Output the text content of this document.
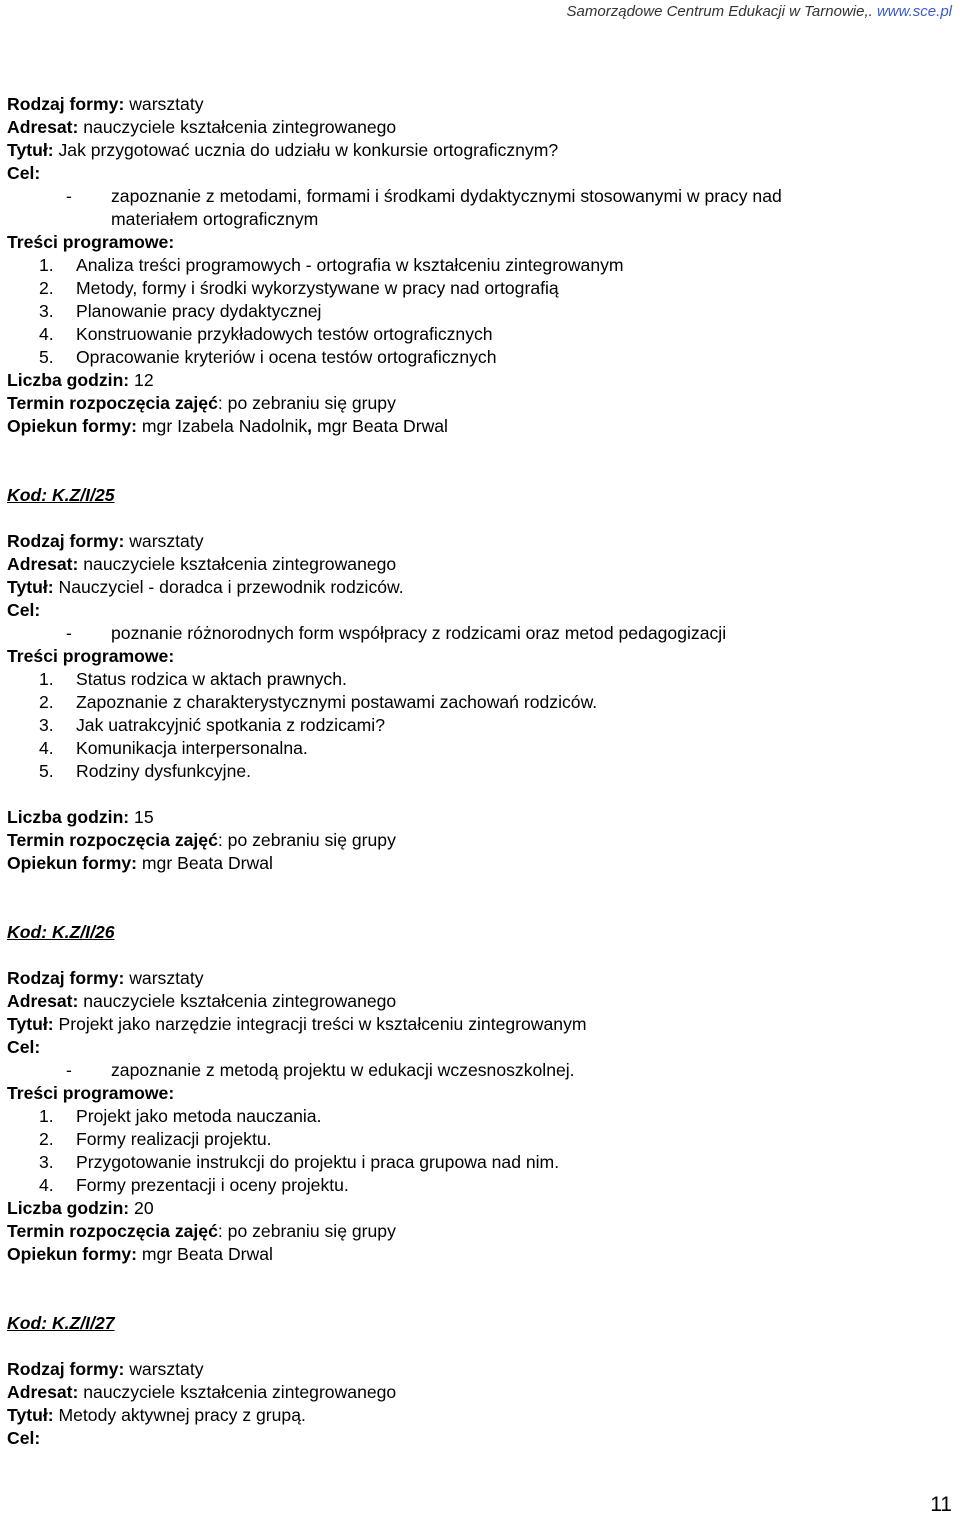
Samorządowe Centrum Edukacji w Tarnowie,. www.sce.pl
Rodzaj formy: warsztaty
Adresat: nauczyciele kształcenia zintegrowanego
Tytuł: Jak przygotować ucznia do udziału w konkursie ortograficznym?
Cel:
- zapoznanie z metodami, formami i środkami dydaktycznymi stosowanymi w pracy nad
materiałem ortograficznym
Treści programowe:
1. Analiza treści programowych - ortografia w kształceniu zintegrowanym
2. Metody, formy i środki wykorzystywane w pracy nad ortografią
3. Planowanie pracy dydaktycznej
4. Konstruowanie przykładowych testów ortograficznych
5. Opracowanie kryteriów i ocena testów ortograficznych
Liczba godzin: 12
Termin rozpoczęcia zajęć: po zebraniu się grupy
Opiekun formy: mgr Izabela Nadolnik, mgr Beata Drwal
Kod: K.Z/I/25
Rodzaj formy: warsztaty
Adresat: nauczyciele kształcenia zintegrowanego
Tytuł: Nauczyciel - doradca i przewodnik rodziców.
Cel:
- poznanie różnorodnych form współpracy z rodzicami oraz metod pedagogizacji
Treści programowe:
1. Status rodzica w aktach prawnych.
2. Zapoznanie z charakterystycznymi postawami zachowań rodziców.
3. Jak uatrakcyjnić spotkania z rodzicami?
4. Komunikacja interpersonalna.
5. Rodziny dysfunkcyjne.
Liczba godzin: 15
Termin rozpoczęcia zajęć: po zebraniu się grupy
Opiekun formy: mgr Beata Drwal
Kod: K.Z/I/26
Rodzaj formy: warsztaty
Adresat: nauczyciele kształcenia zintegrowanego
Tytuł: Projekt jako narzędzie integracji treści w kształceniu zintegrowanym
Cel:
- zapoznanie z metodą projektu w edukacji wczesnoszkolnej.
Treści programowe:
1. Projekt jako metoda nauczania.
2. Formy realizacji projektu.
3. Przygotowanie instrukcji do projektu i praca grupowa nad nim.
4. Formy prezentacji i oceny projektu.
Liczba godzin: 20
Termin rozpoczęcia zajęć: po zebraniu się grupy
Opiekun formy: mgr Beata Drwal
Kod: K.Z/I/27
Rodzaj formy: warsztaty
Adresat: nauczyciele kształcenia zintegrowanego
Tytuł: Metody aktywnej pracy z grupą.
Cel:
11
